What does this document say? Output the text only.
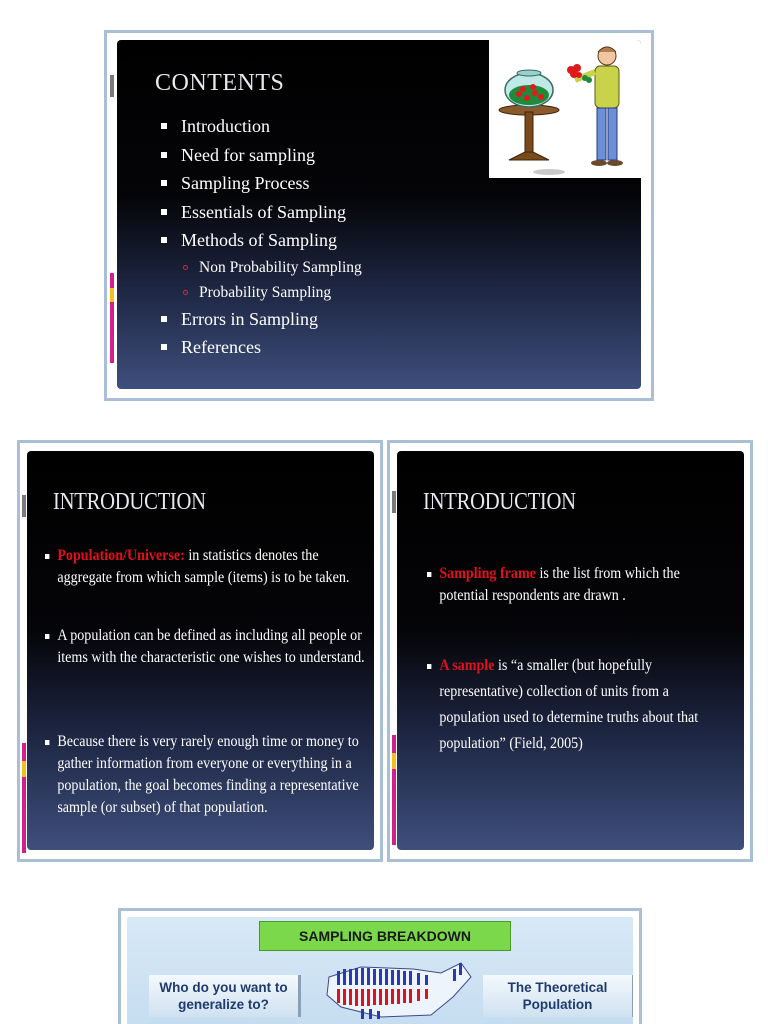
CONTENTS
Introduction
Need for sampling
Sampling Process
Essentials of Sampling
Methods of Sampling
Non Probability Sampling
Probability Sampling
Errors in Sampling
References
INTRODUCTION
Population/Universe: in statistics denotes the aggregate from which sample (items) is to be taken.
A population can be defined as including all people or items with the characteristic one wishes to understand.
Because there is very rarely enough time or money to gather information from everyone or everything in a population, the goal becomes finding a representative sample (or subset) of that population.
INTRODUCTION
Sampling frame is the list from which the potential respondents are drawn .
A sample is “a smaller (but hopefully representative) collection of units from a population used to determine truths about that population” (Field, 2005)
SAMPLING BREAKDOWN
Who do you want to generalize to?
The Theoretical Population
